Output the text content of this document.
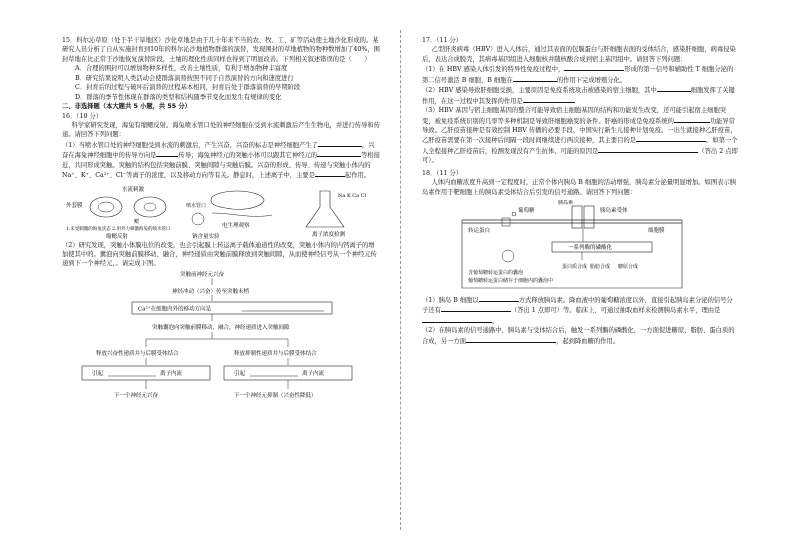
15．科尔沁草原（处于半干旱地区）沙化草地是由于几十年来不当的农、牧、工、矿等活动使土地沙化形成的。某研究人员分析了自从实施封育到10年的科尔沁沙地植物群落的演替，发现围封的草地植物的物种数增加了40%，围封草地在比正常于沙地恢复演替阶段，土壤的理化性质同样也得到了明显改善。下列相关叙述错误的是（　　）

A．合理的围封可以增加物种多样性，改善土壤性质，有利于增加物种丰富度

B．研究结果说明人类活动会使群落演替按照不同于自然演替的方向和速度进行

C．封育后的过程与破坏后演替的过程基本相同，封育后处于群落演替的早期阶段

D．群落的季节性体现在群落的类型和结构随季节变化而发生有规律的变化

二、非选择题（本大题共 5 小题，共 55 分）

16．（10 分）

科学家研究发现，海兔有缩鳃反射。海兔喷水管口处的神经细胞在受到水流刺激后产生生物电，并进行传导和传递。请回答下列问题：

（1）当喷水管口处的神经细胞受到水流的刺激后，产生兴奋，兴奋的标志是神经细胞产生了	，兴奋在海兔神经细胞中的传导方向是	传导；海兔神经元的突触小体可以跟其它神经元的	等相接近，共同形成突触。突触的结构包括突触前膜、突触间隙与突触后膜。兴奋的形成、传导、传递与突触小体内的Na⁺、K⁺、Ca²⁺、Cl⁻等离子的浓度，以及移动方向等有关。静息时，上述离子中，主要是	起作用。

水流刺激
外套膜
鳃
1.未受刺激的海兔状态 2.用外力刺激海兔的喷水管口
缩鳃反射
喷水管口
电生理观察
Na K Ca Cl
离子浓度检测
钠含量实验

（2）研究发现，突触小体膜电位的改变，也会引起膜上转运离子载体通道性的改变，突触小体内的内钙离子的增加使其中的。囊泡向突触前膜移动、融合，神经递质由突触前膜释放到突触间隙，从而使神经信号从一个神经元传递到下一个神经元，。请完成下图。

突触前神经元兴奋
神经冲动（兴奋）传至突触末梢
Ca²⁺在细胞内外的移动方向是
突触囊泡向突触前膜移动，融合，神经递质进入突触间隙
释放兴奋性递质并与后膜受体结合	释放抑制性递质并与后膜受体结合
引起	离子内流	引起	离子内流
下一个神经元兴奋	下一个神经元抑制（兴奋性降低）

17．（11 分）

乙型肝炎病毒（HBV）进入人体后，通过其表面的包膜蛋白与肝细胞表面的受体结合，感染肝细胞，病毒侵染后，表达合成脱壳，其病毒基因组进入细胞核并随核酸合成到宿主基因组中。请回答下列问题：

（1）在 HBV 感染人体引发的特异性免疫过程中，	形成的第一信号和辅助性 T 细胞分泌的第二信号激活 B 细胞，B 细胞在	的作用下完成增殖分化。

（2）HBV 感染导致肝细胞受损，主要原因是免疫系统攻击被感染的宿主细胞，其中	细胞发挥了关键作用，在这一过程中其发挥的作用是

（3）HBV 基因与宿主细胞基因的整合可能导致宿主细胞基因的结构和功能发生改变，还可能引起宿主细胞突变，被免疫系统识别的几率等多种机制是导致肝细胞癌变的条件。肝癌的形成是免疫系统的	功能异常导致。乙肝疫苗接种是有效控制 HBV 传播的必要手段，中国实行新生儿接种计划免疫。一出生就接种乙肝疫苗，乙肝疫苗需要在第一次接种后间隔一段时间继续进行两次接种，其主要目的是	。如第一个人全程接种乙肝疫苗后，检测发现没有产生抗体，可能的原因是	（答出 2 点即可）。

18．（11 分）

人体内血糖浓度升高到一定程度时，正常个体内胰岛 B 细胞的活动增强，胰岛素分泌量明显增加。如图表示胰岛素作用于靶细胞上的胰岛素受体结合后引发的信号通路。请回答下列问题：

葡萄糖
转运蛋白
胰岛素
胰岛素受体
细胞膜
一系列酶的磷酸化
蛋白质合成 脂肪合成 糖原合成
含葡萄糖转运蛋白的囊泡
葡萄糖转运蛋白储存于细胞内的囊泡中

（1）胰岛 B 细胞以	方式释放胰岛素。降血液中的葡萄糖浓度以外，直接引起胰岛素分泌的信号分子还有	（答出 1 点即可）等。临床上，可通过抽取血样来检测胰岛素水平，理由是。

（2）在胰岛素的信号通路中，胰岛素与受体结合后，触发一系列酶的磷酸化，一方面促进糖原、脂肪、蛋白质的合成，另一方面	，起到降血糖的作用。
